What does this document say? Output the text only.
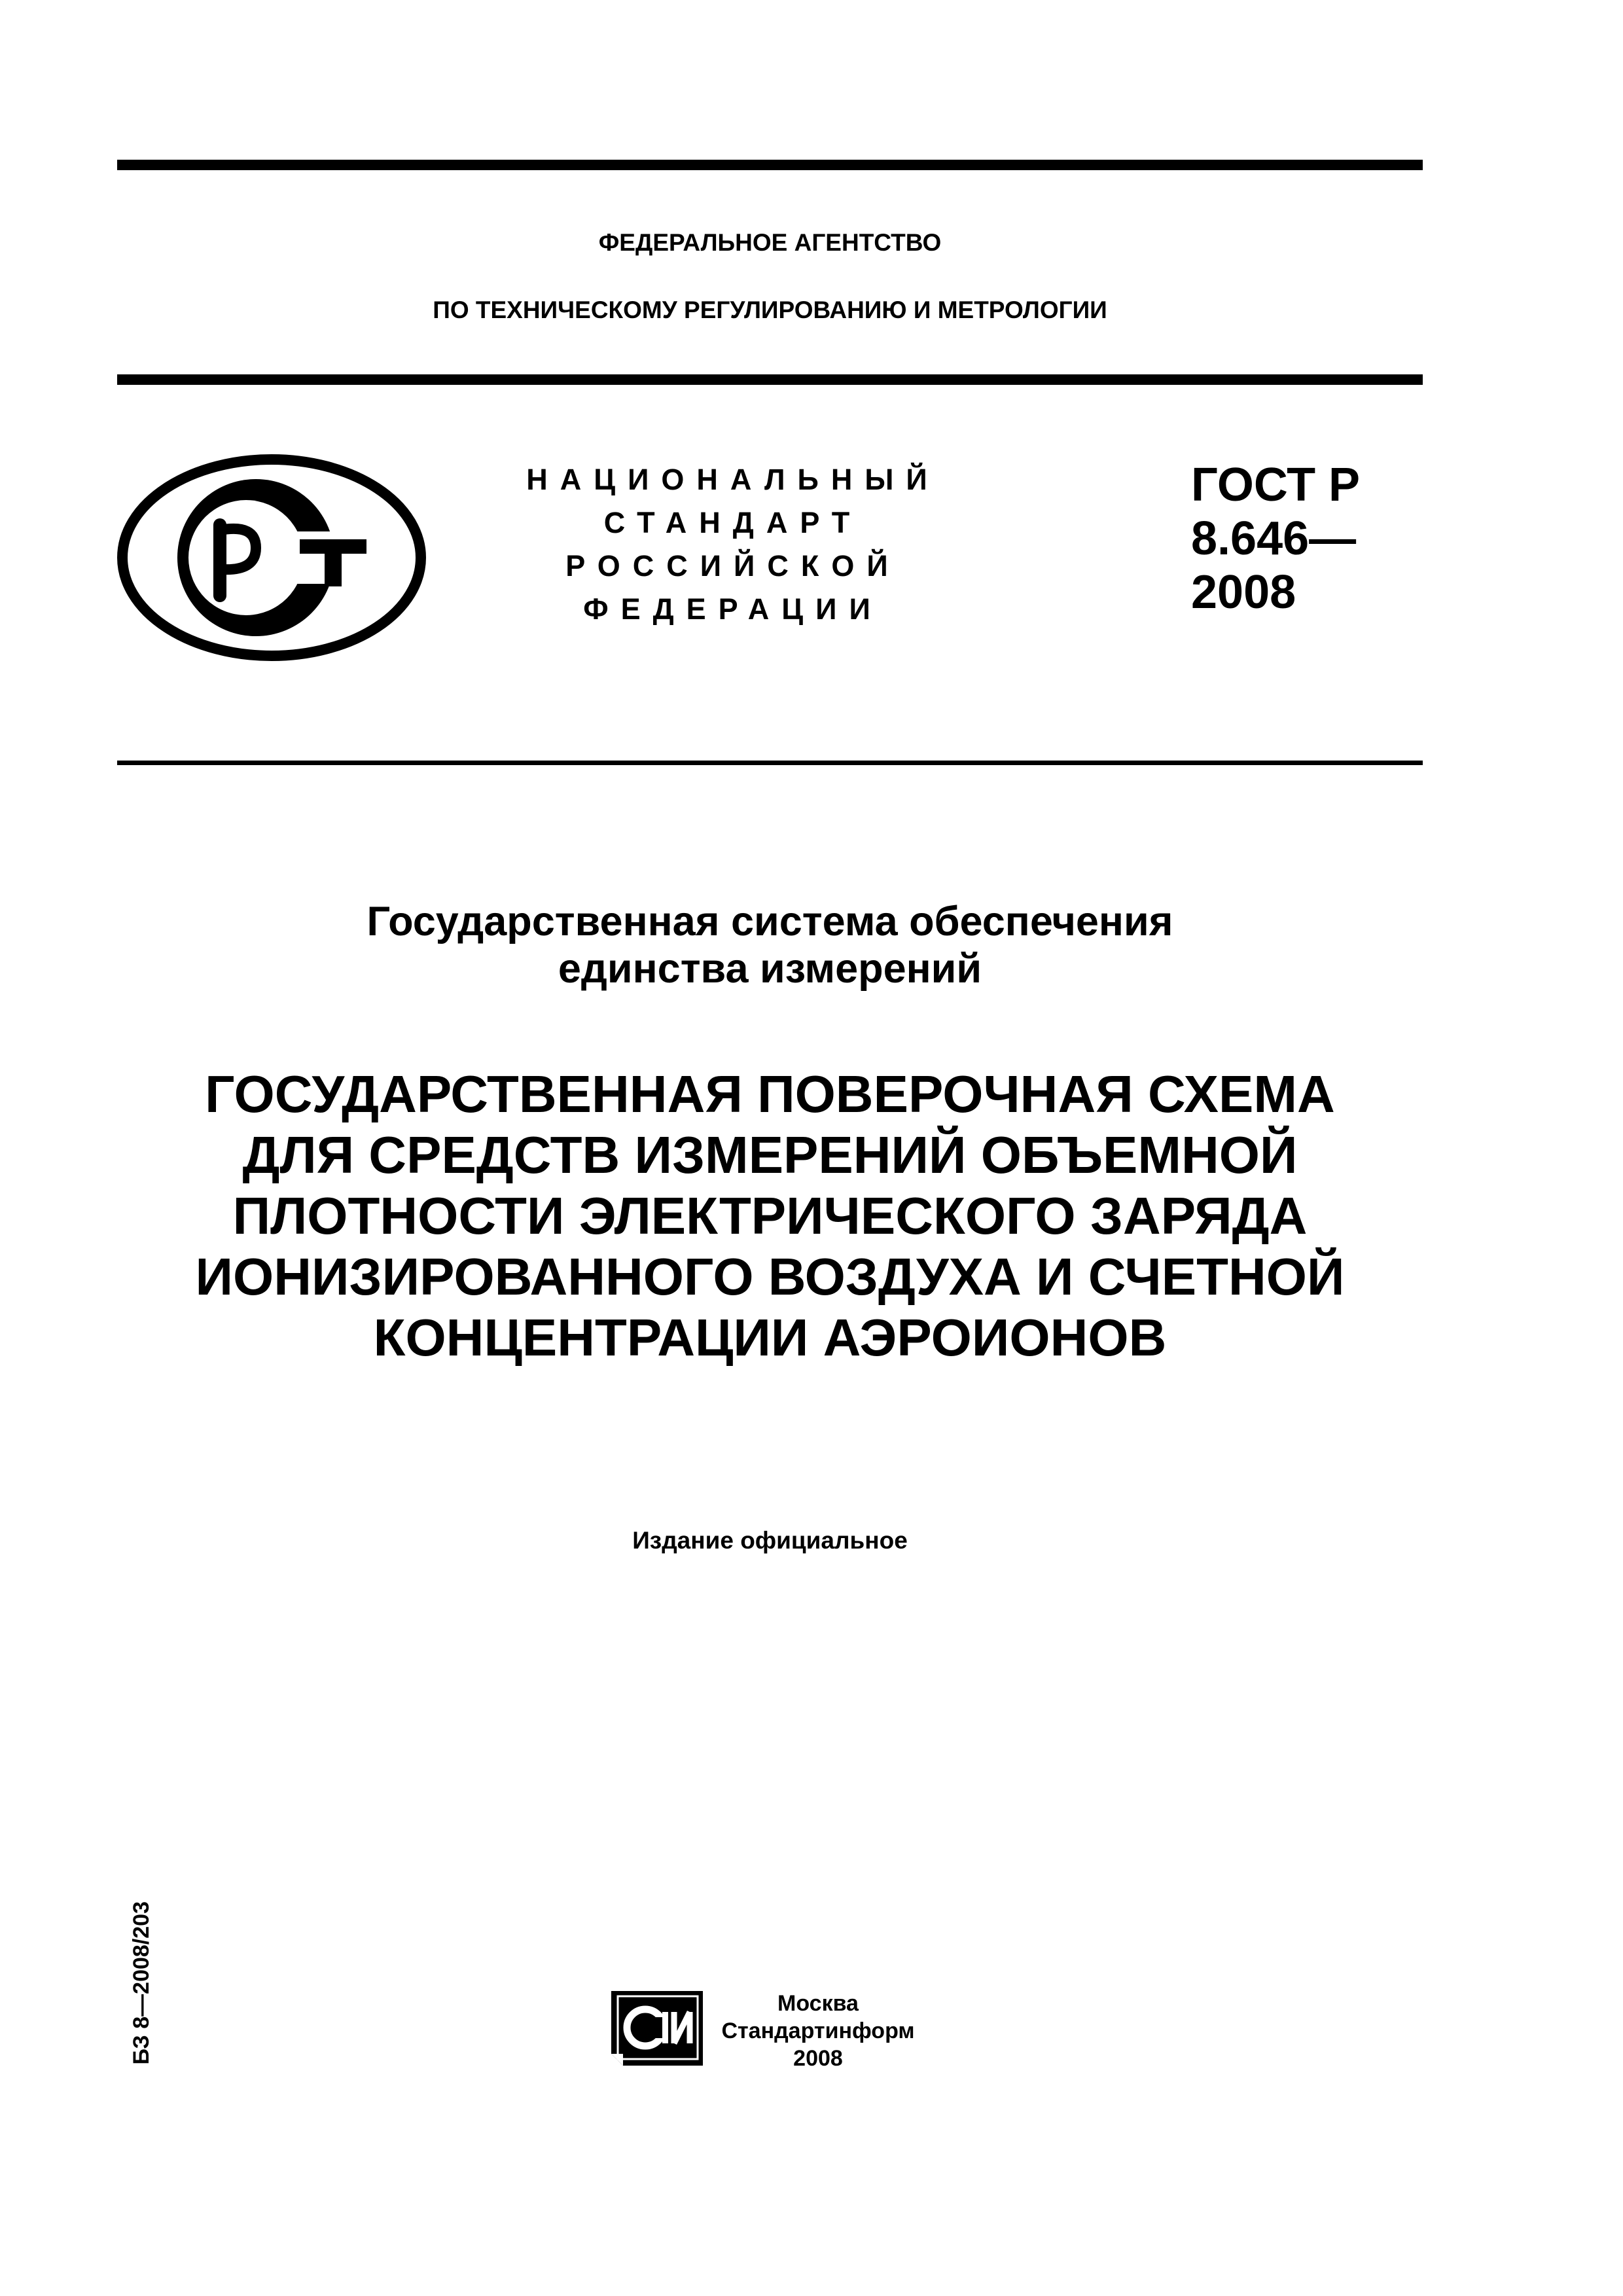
ФЕДЕРАЛЬНОЕ АГЕНТСТВО
ПО ТЕХНИЧЕСКОМУ РЕГУЛИРОВАНИЮ И МЕТРОЛОГИИ
НАЦИОНАЛЬНЫЙ
СТАНДАРТ
РОССИЙСКОЙ
ФЕДЕРАЦИИ
ГОСТ Р
8.646—
2008
Государственная система обеспечения
единства измерений
ГОСУДАРСТВЕННАЯ ПОВЕРОЧНАЯ СХЕМА
ДЛЯ СРЕДСТВ ИЗМЕРЕНИЙ ОБЪЕМНОЙ
ПЛОТНОСТИ ЭЛЕКТРИЧЕСКОГО ЗАРЯДА
ИОНИЗИРОВАННОГО ВОЗДУХА И СЧЕТНОЙ
КОНЦЕНТРАЦИИ АЭРОИОНОВ
Издание официальное
БЗ 8—2008/203	Москва
Стандартинформ
2008
